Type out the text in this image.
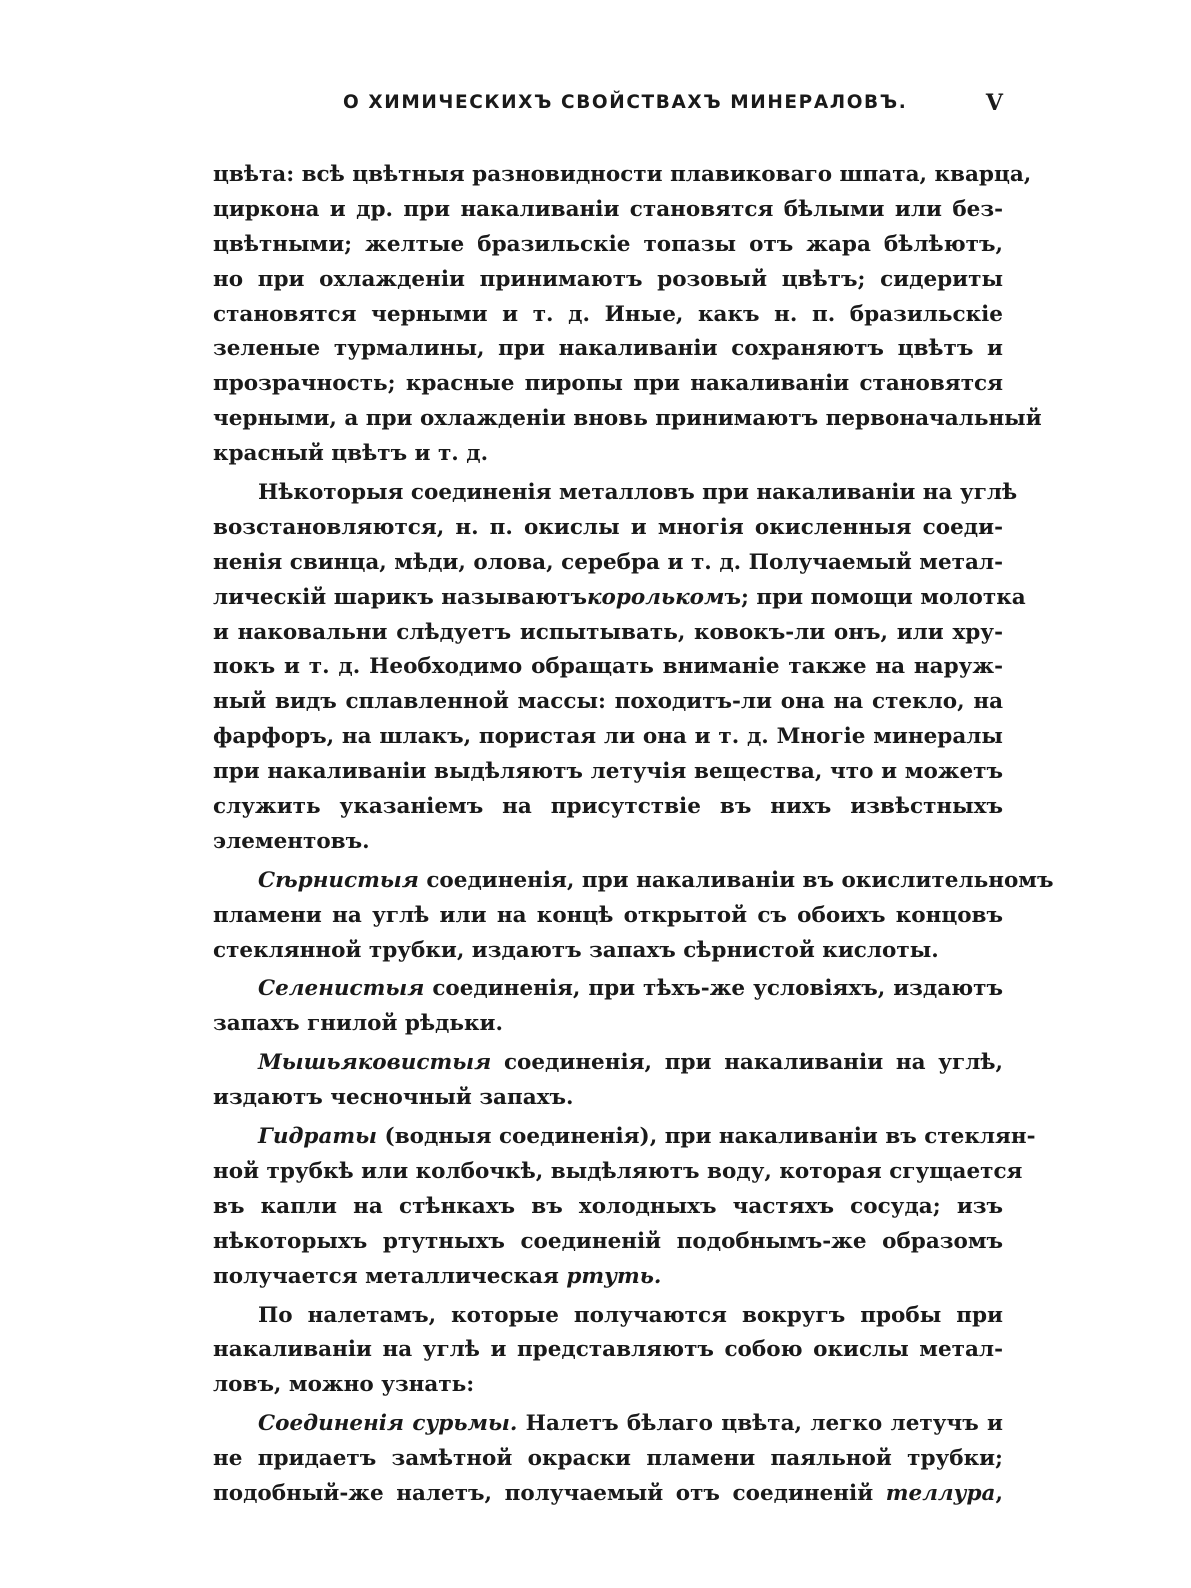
О ХИМИЧЕСКИХЪ СВОЙСТВАХЪ МИНЕРАЛОВЪ.	V
цвѣта: всѣ цвѣтныя разновидности плавиковаго шпата, кварца,
циркона и др. при накаливанiи становятся бѣлыми или без-
цвѣтными; желтые бразильскiе топазы отъ жара бѣлѣютъ,
но при охлажденiи принимаютъ розовый цвѣтъ; сидериты
становятся черными и т. д. Иные, какъ н. п. бразильскiе
зеленые турмалины, при накаливанiи сохраняютъ цвѣтъ и
прозрачность; красные пиропы при накаливанiи становятся
черными, а при охлажденiи вновь принимаютъ первоначальный
красный цвѣтъ и т. д.
Нѣкоторыя соединенiя металловъ при накаливанiи на углѣ
возстановляются, н. п. окислы и многiя окисленныя соеди-
ненiя свинца, мѣди, олова, серебра и т. д. Получаемый метал-
лическiй шарикъ называютъкоролькомъ; при помощи молотка
и наковальни слѣдуетъ испытывать, ковокъ-ли онъ, или хру-
покъ и т. д. Необходимо обращать вниманiе также на наруж-
ный видъ сплавленной массы: походитъ-ли она на стекло, на
фарфоръ, на шлакъ, пористая ли она и т. д. Многiе минералы
при накаливанiи выдѣляютъ летучiя вещества, что и можетъ
служить указанiемъ на присутствiе въ нихъ извѣстныхъ
элементовъ.
Сѣрнистыя соединенiя, при накаливанiи въ окислительномъ
пламени на углѣ или на концѣ открытой съ обоихъ концовъ
стеклянной трубки, издаютъ запахъ сѣрнистой кислоты.
Селенистыя соединенiя, при тѣхъ-же условiяхъ, издаютъ
запахъ гнилой рѣдьки.
Мышьяковистыя соединенiя, при накаливанiи на углѣ,
издаютъ чесночный запахъ.
Гидраты (водныя соединенiя), при накаливанiи въ стеклян-
ной трубкѣ или колбочкѣ, выдѣляютъ воду, которая сгущается
въ капли на стѣнкахъ въ холодныхъ частяхъ сосуда; изъ
нѣкоторыхъ ртутныхъ соединенiй подобнымъ-же образомъ
получается металлическая ртуть.
По налетамъ, которые получаются вокругъ пробы при
накаливанiи на углѣ и представляютъ собою окислы метал-
ловъ, можно узнать:
Соединенiя сурьмы. Налетъ бѣлаго цвѣта, легко летучъ и
не придаетъ замѣтной окраски пламени паяльной трубки;
подобный-же налетъ, получаемый отъ соединенiй теллура,
